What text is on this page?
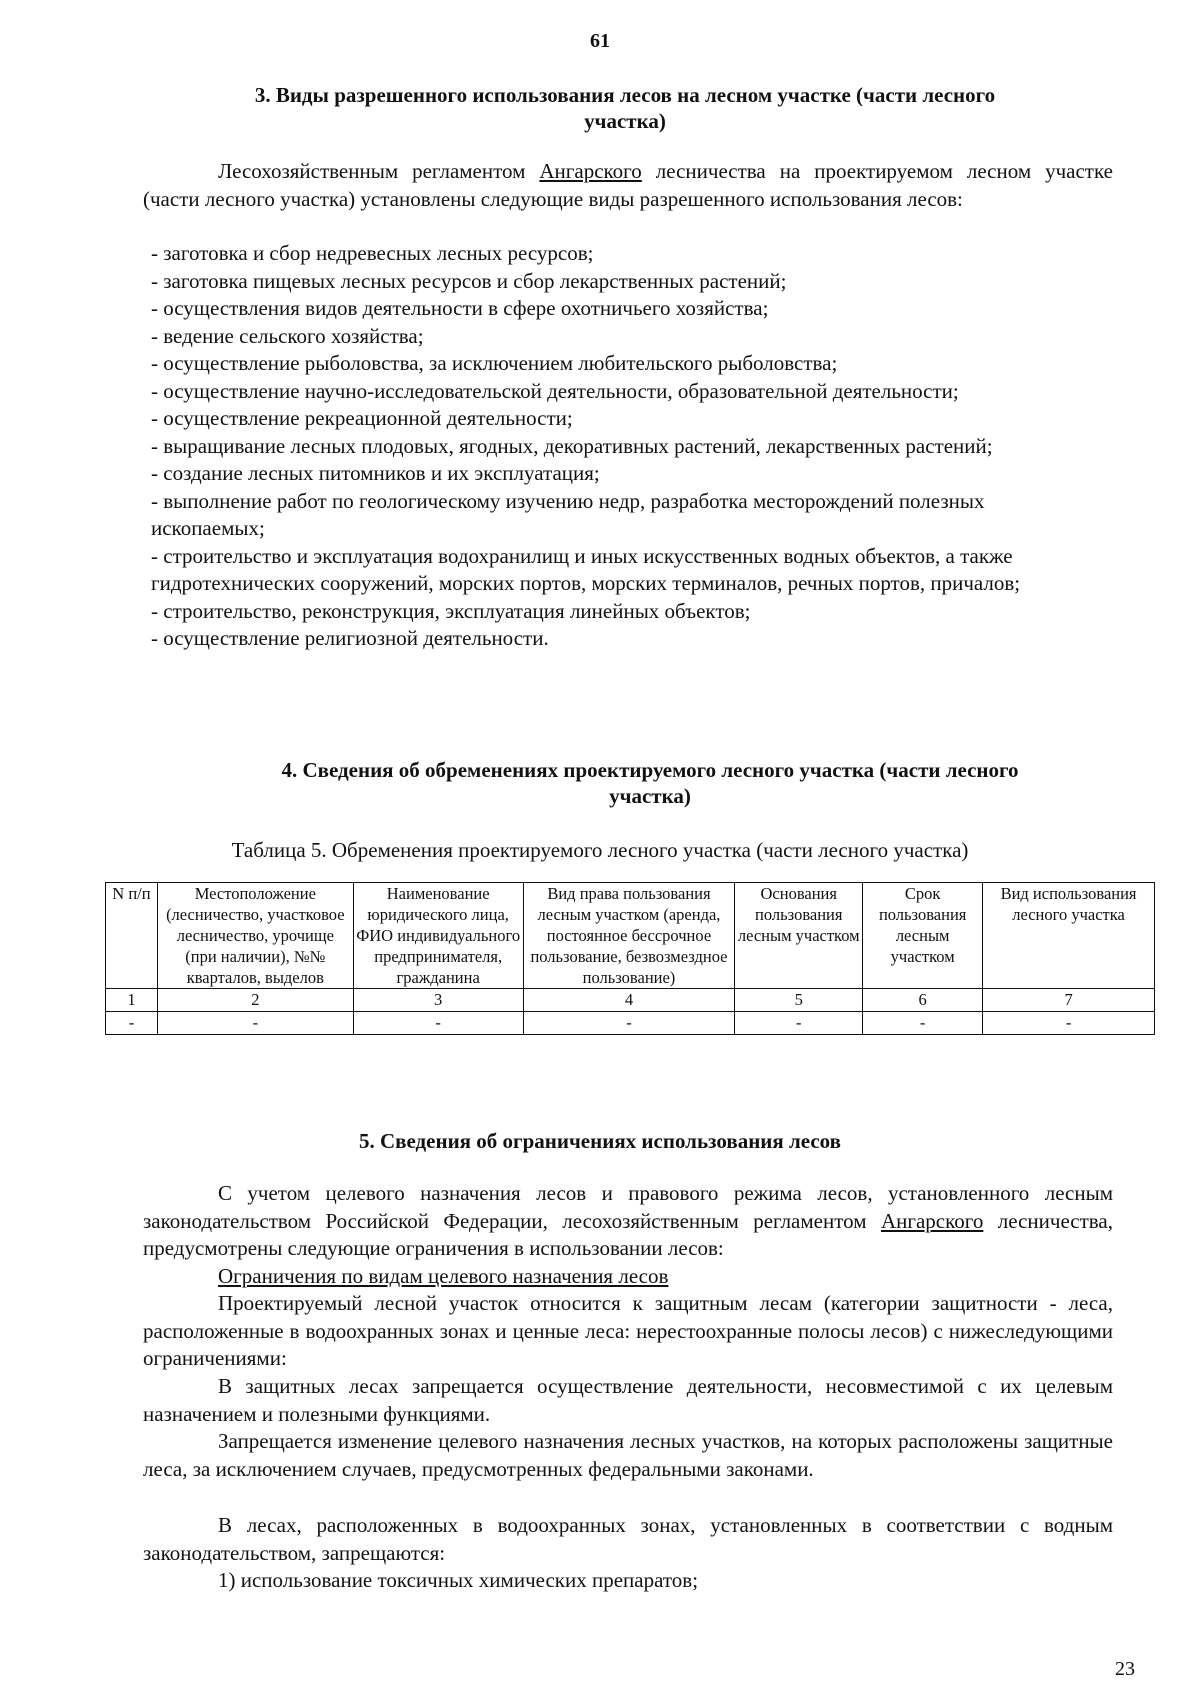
61
3. Виды разрешенного использования лесов на лесном участке (части лесного
участка)
Лесохозяйственным регламентом Ангарского лесничества на проектируемом лесном участке (части лесного участка) установлены следующие виды разрешенного использования лесов:
- заготовка и сбор недревесных лесных ресурсов;
- заготовка пищевых лесных ресурсов и сбор лекарственных растений;
- осуществления видов деятельности в сфере охотничьего хозяйства;
- ведение сельского хозяйства;
- осуществление рыболовства, за исключением любительского рыболовства;
- осуществление научно-исследовательской деятельности, образовательной деятельности;
- осуществление рекреационной деятельности;
- выращивание лесных плодовых, ягодных, декоративных растений, лекарственных растений;
- создание лесных питомников и их эксплуатация;
- выполнение работ по геологическому изучению недр, разработка месторождений полезных ископаемых;
- строительство и эксплуатация водохранилищ и иных искусственных водных объектов, а также гидротехнических сооружений, морских портов, морских терминалов, речных портов, причалов;
- строительство, реконструкция, эксплуатация линейных объектов;
- осуществление религиозной деятельности.
4. Сведения об обременениях проектируемого лесного участка (части лесного
участка)
Таблица 5. Обременения проектируемого лесного участка (части лесного участка)
N п/п	Местоположение (лесничество, участковое лесничество, урочище (при наличии), №№ кварталов, выделов	Наименование юридического лица, ФИО индивидуального предпринимателя, гражданина	Вид права пользования лесным участком (аренда, постоянное бессрочное пользование, безвозмездное пользование)	Основания пользования лесным участком	Срок пользования лесным участком	Вид использования лесного участка
1	2	3	4	5	6	7
-	-	-	-	-	-	-
5. Сведения об ограничениях использования лесов
С учетом целевого назначения лесов и правового режима лесов, установленного лесным законодательством Российской Федерации, лесохозяйственным регламентом Ангарского лесничества, предусмотрены следующие ограничения в использовании лесов:
Ограничения по видам целевого назначения лесов
Проектируемый лесной участок относится к защитным лесам (категории защитности - леса, расположенные в водоохранных зонах и ценные леса: нерестоохранные полосы лесов) с нижеследующими ограничениями:
В защитных лесах запрещается осуществление деятельности, несовместимой с их целевым назначением и полезными функциями.
Запрещается изменение целевого назначения лесных участков, на которых расположены защитные леса, за исключением случаев, предусмотренных федеральными законами.
В лесах, расположенных в водоохранных зонах, установленных в соответствии с водным законодательством, запрещаются:
1) использование токсичных химических препаратов;
23
